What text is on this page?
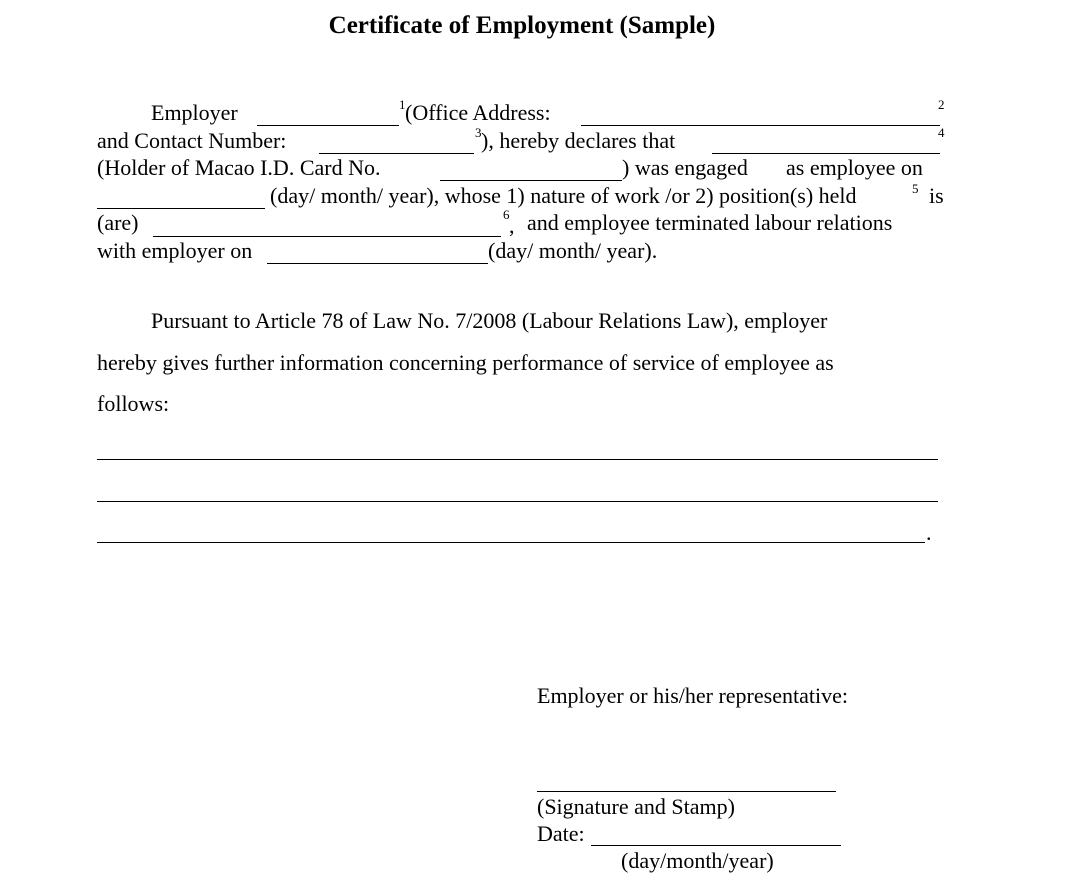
Certificate of Employment (Sample)
Employer	1 (Office Address:	2
and Contact Number:	3 ), hereby declares that	4
(Holder of Macao I.D. Card No.	) was engaged as employee on
(day/ month/ year), whose 1) nature of work /or 2) position(s) held	5 is
(are)	6 , and employee terminated labour relations
with employer on	(day/ month/ year).
Pursuant to Article 78 of Law No. 7/2008 (Labour Relations Law), employer
hereby gives further information concerning performance of service of employee as
follows:
.
Employer or his/her representative:
(Signature and Stamp)
Date:
(day/month/year)
